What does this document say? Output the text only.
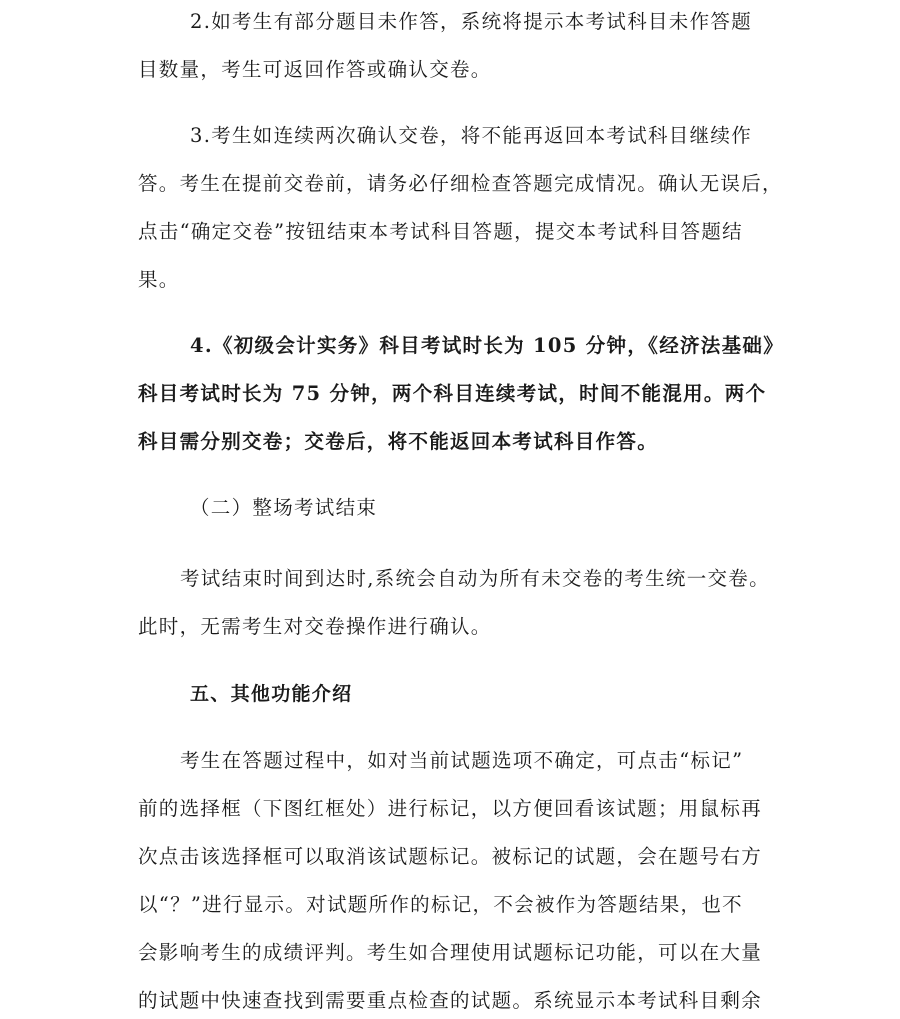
2.如考生有部分题目未作答，系统将提示本考试科目未作答题
目数量，考生可返回作答或确认交卷。
3.考生如连续两次确认交卷，将不能再返回本考试科目继续作
答。考生在提前交卷前，请务必仔细检查答题完成情况。确认无误后，
点击“确定交卷”按钮结束本考试科目答题，提交本考试科目答题结
果。
4.《初级会计实务》科目考试时长为 105 分钟，《经济法基础》
科目考试时长为 75 分钟，两个科目连续考试，时间不能混用。两个
科目需分别交卷；交卷后，将不能返回本考试科目作答。
（二）整场考试结束
考试结束时间到达时,系统会自动为所有未交卷的考生统一交卷。
此时，无需考生对交卷操作进行确认。
五、其他功能介绍
考生在答题过程中，如对当前试题选项不确定，可点击“标记”
前的选择框（下图红框处）进行标记，以方便回看该试题；用鼠标再
次点击该选择框可以取消该试题标记。被标记的试题，会在题号右方
以“？”进行显示。对试题所作的标记，不会被作为答题结果，也不
会影响考生的成绩评判。考生如合理使用试题标记功能，可以在大量
的试题中快速查找到需要重点检查的试题。系统显示本考试科目剩余
